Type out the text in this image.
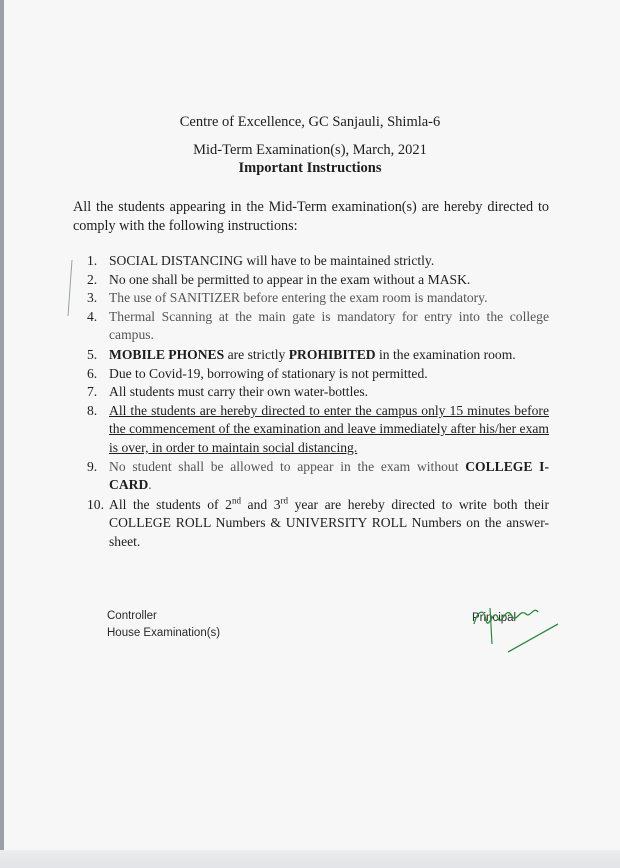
Centre of Excellence, GC Sanjauli, Shimla-6
Mid-Term Examination(s), March, 2021
Important Instructions
All the students appearing in the Mid-Term examination(s) are hereby directed to comply with the following instructions:
1. SOCIAL DISTANCING will have to be maintained strictly.
2. No one shall be permitted to appear in the exam without a MASK.
3. The use of SANITIZER before entering the exam room is mandatory.
4. Thermal Scanning at the main gate is mandatory for entry into the college campus.
5. MOBILE PHONES are strictly PROHIBITED in the examination room.
6. Due to Covid-19, borrowing of stationary is not permitted.
7. All students must carry their own water-bottles.
8. All the students are hereby directed to enter the campus only 15 minutes before the commencement of the examination and leave immediately after his/her exam is over, in order to maintain social distancing.
9. No student shall be allowed to appear in the exam without COLLEGE I-CARD.
10. All the students of 2nd and 3rd year are hereby directed to write both their COLLEGE ROLL Numbers & UNIVERSITY ROLL Numbers on the answer-sheet.
Controller
House Examination(s)
Principal
